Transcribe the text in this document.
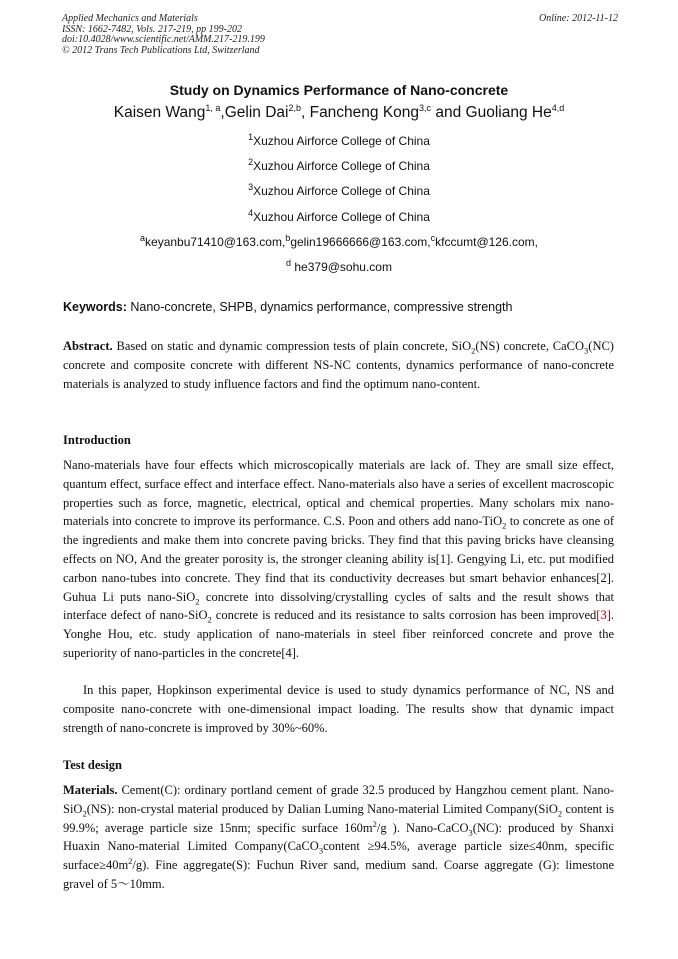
Applied Mechanics and Materials
ISSN: 1662-7482, Vols. 217-219, pp 199-202
doi:10.4028/www.scientific.net/AMM.217-219.199
© 2012 Trans Tech Publications Ltd, Switzerland
Online: 2012-11-12
Study on Dynamics Performance of Nano-concrete
Kaisen Wang$^{1, a}$,Gelin Dai$^{2,b}$, Fancheng Kong$^{3,c}$ and Guoliang He$^{4,d}$
$^1$Xuzhou Airforce College of China
$^2$Xuzhou Airforce College of China
$^3$Xuzhou Airforce College of China
$^4$Xuzhou Airforce College of China
$^a$keyanbu71410@163.com,$^b$gelin19666666@163.com,$^c$kfccumt@126.com,
$^d$ he379@sohu.com
Keywords: Nano-concrete, SHPB, dynamics performance, compressive strength
Abstract. Based on static and dynamic compression tests of plain concrete, SiO$_2$(NS) concrete, CaCO$_3$(NC) concrete and composite concrete with different NS-NC contents, dynamics performance of nano-concrete materials is analyzed to study influence factors and find the optimum nano-content.
Introduction
Nano-materials have four effects which microscopically materials are lack of. They are small size effect, quantum effect, surface effect and interface effect. Nano-materials also have a series of excellent macroscopic properties such as force, magnetic, electrical, optical and chemical properties. Many scholars mix nano-materials into concrete to improve its performance. C.S. Poon and others add nano-TiO$_2$ to concrete as one of the ingredients and make them into concrete paving bricks. They find that this paving bricks have cleansing effects on NO, And the greater porosity is, the stronger cleaning ability is[1]. Gengying Li, etc. put modified carbon nano-tubes into concrete. They find that its conductivity decreases but smart behavior enhances[2]. Guhua Li puts nano-SiO$_2$ concrete into dissolving/crystalling cycles of salts and the result shows that interface defect of nano-SiO$_2$ concrete is reduced and its resistance to salts corrosion has been improved[3]. Yonghe Hou, etc. study application of nano-materials in steel fiber reinforced concrete and prove the superiority of nano-particles in the concrete[4].
In this paper, Hopkinson experimental device is used to study dynamics performance of NC, NS and composite nano-concrete with one-dimensional impact loading. The results show that dynamic impact strength of nano-concrete is improved by 30%~60%.
Test design
Materials. Cement(C): ordinary portland cement of grade 32.5 produced by Hangzhou cement plant. Nano-SiO$_2$(NS): non-crystal material produced by Dalian Luming Nano-material Limited Company(SiO$_2$ content is 99.9%; average particle size 15nm; specific surface $160m^2/g$ ). Nano-CaCO$_3$(NC): produced by Shanxi Huaxin Nano-material Limited Company(CaCO$_3$content ≥94.5%, average particle size≤40nm, specific $surface\ge 40m^2/g$). Fine aggregate(S): Fuchun River sand, medium sand. Coarse aggregate (G): limestone gravel of 5～10mm.
